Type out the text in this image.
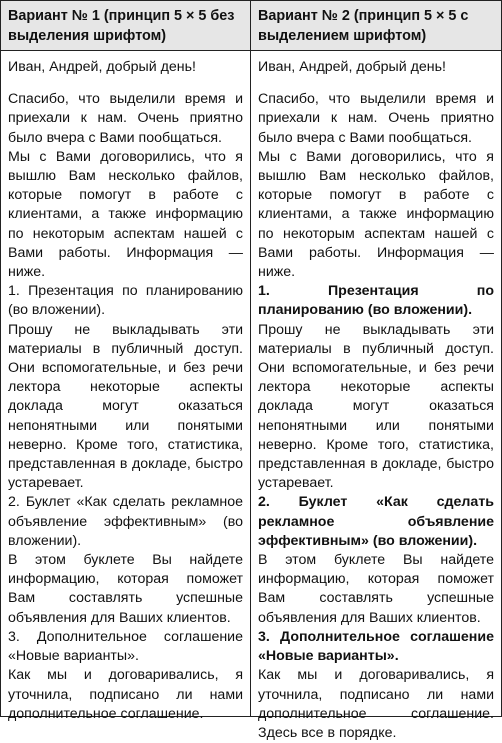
Вариант № 1 (принцип 5 × 5 без выделения шрифтом)
Вариант № 2 (принцип 5 × 5 с выделением шрифтом)

Иван, Андрей, добрый день!

Спасибо, что выделили время и приехали к нам. Очень приятно было вчера с Вами пообщаться.

Мы с Вами договорились, что я вышлю Вам несколько файлов, которые помогут в работе с клиентами, а также информацию по некоторым аспектам нашей с Вами работы. Информация — ниже.

1. Презентация по планированию (во вложении).

Прошу не выкладывать эти материалы в публичный доступ. Они вспомогательные, и без речи лектора некоторые аспекты доклада могут оказаться непонятными или понятыми неверно. Кроме того, статистика, представленная в докладе, быстро устаревает.

2. Буклет «Как сделать рекламное объявление эффективным» (во вложении).

В этом буклете Вы найдете информацию, которая поможет Вам составлять успешные объявления для Ваших клиентов.

3. Дополнительное соглашение «Новые варианты».

Как мы и договаривались, я уточнила, подписано ли нами дополнительное соглашение.

Иван, Андрей, добрый день!

Спасибо, что выделили время и приехали к нам. Очень приятно было вчера с Вами пообщаться.

Мы с Вами договорились, что я вышлю Вам несколько файлов, которые помогут в работе с клиентами, а также информацию по некоторым аспектам нашей с Вами работы. Информация — ниже.

1. Презентация по планированию (во вложении).

Прошу не выкладывать эти материалы в публичный доступ. Они вспомогательные, и без речи лектора некоторые аспекты доклада могут оказаться непонятными или понятыми неверно. Кроме того, статистика, представленная в докладе, быстро устаревает.

2. Буклет «Как сделать рекламное объявление эффективным» (во вложении).

В этом буклете Вы найдете информацию, которая поможет Вам составлять успешные объявления для Ваших клиентов.

3. Дополнительное соглашение «Новые варианты».

Как мы и договаривались, я уточнила, подписано ли нами дополнительное соглашение. Здесь все в порядке.
